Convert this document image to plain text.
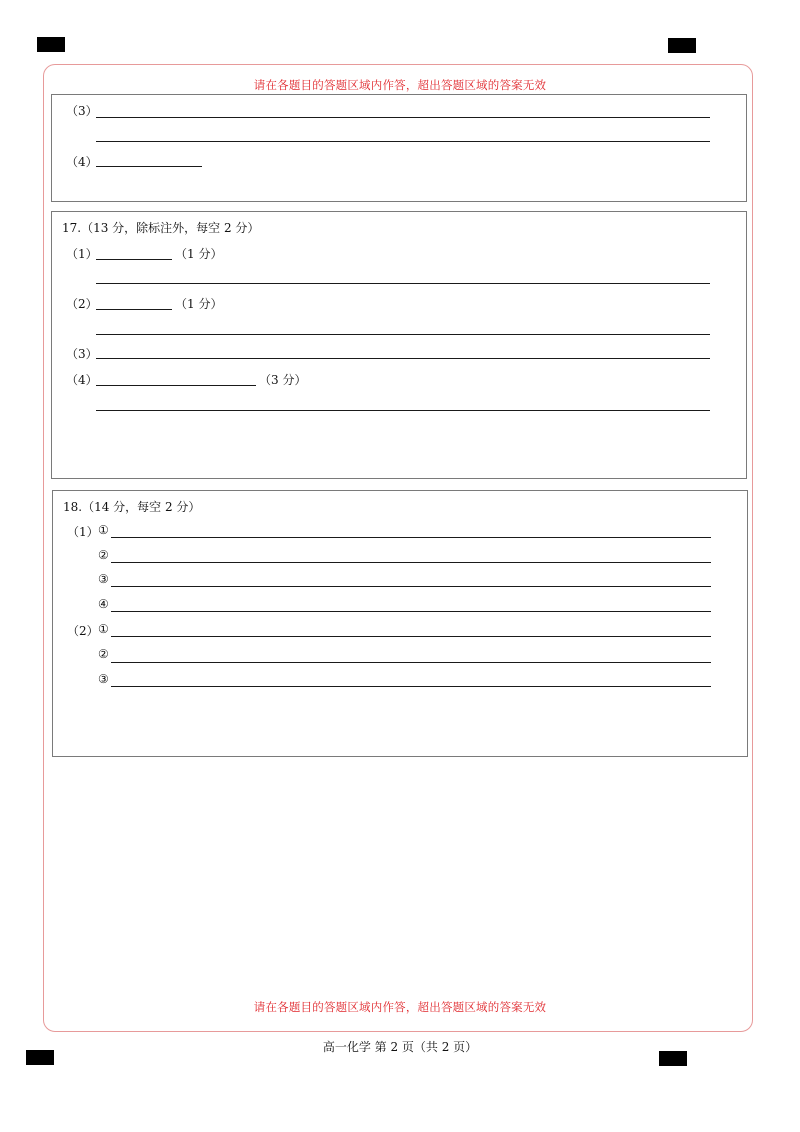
请在各题目的答题区域内作答，超出答题区域的答案无效
（3）
（4）
17.（13 分，除标注外，每空 2 分）
（1）	（1 分）
（2）	（1 分）
（3）
（4）	（3 分）
18.（14 分，每空 2 分）
（1） ①
②
③
④
（2） ①
②
③
请在各题目的答题区域内作答，超出答题区域的答案无效
高一化学 第 2 页（共 2 页）
